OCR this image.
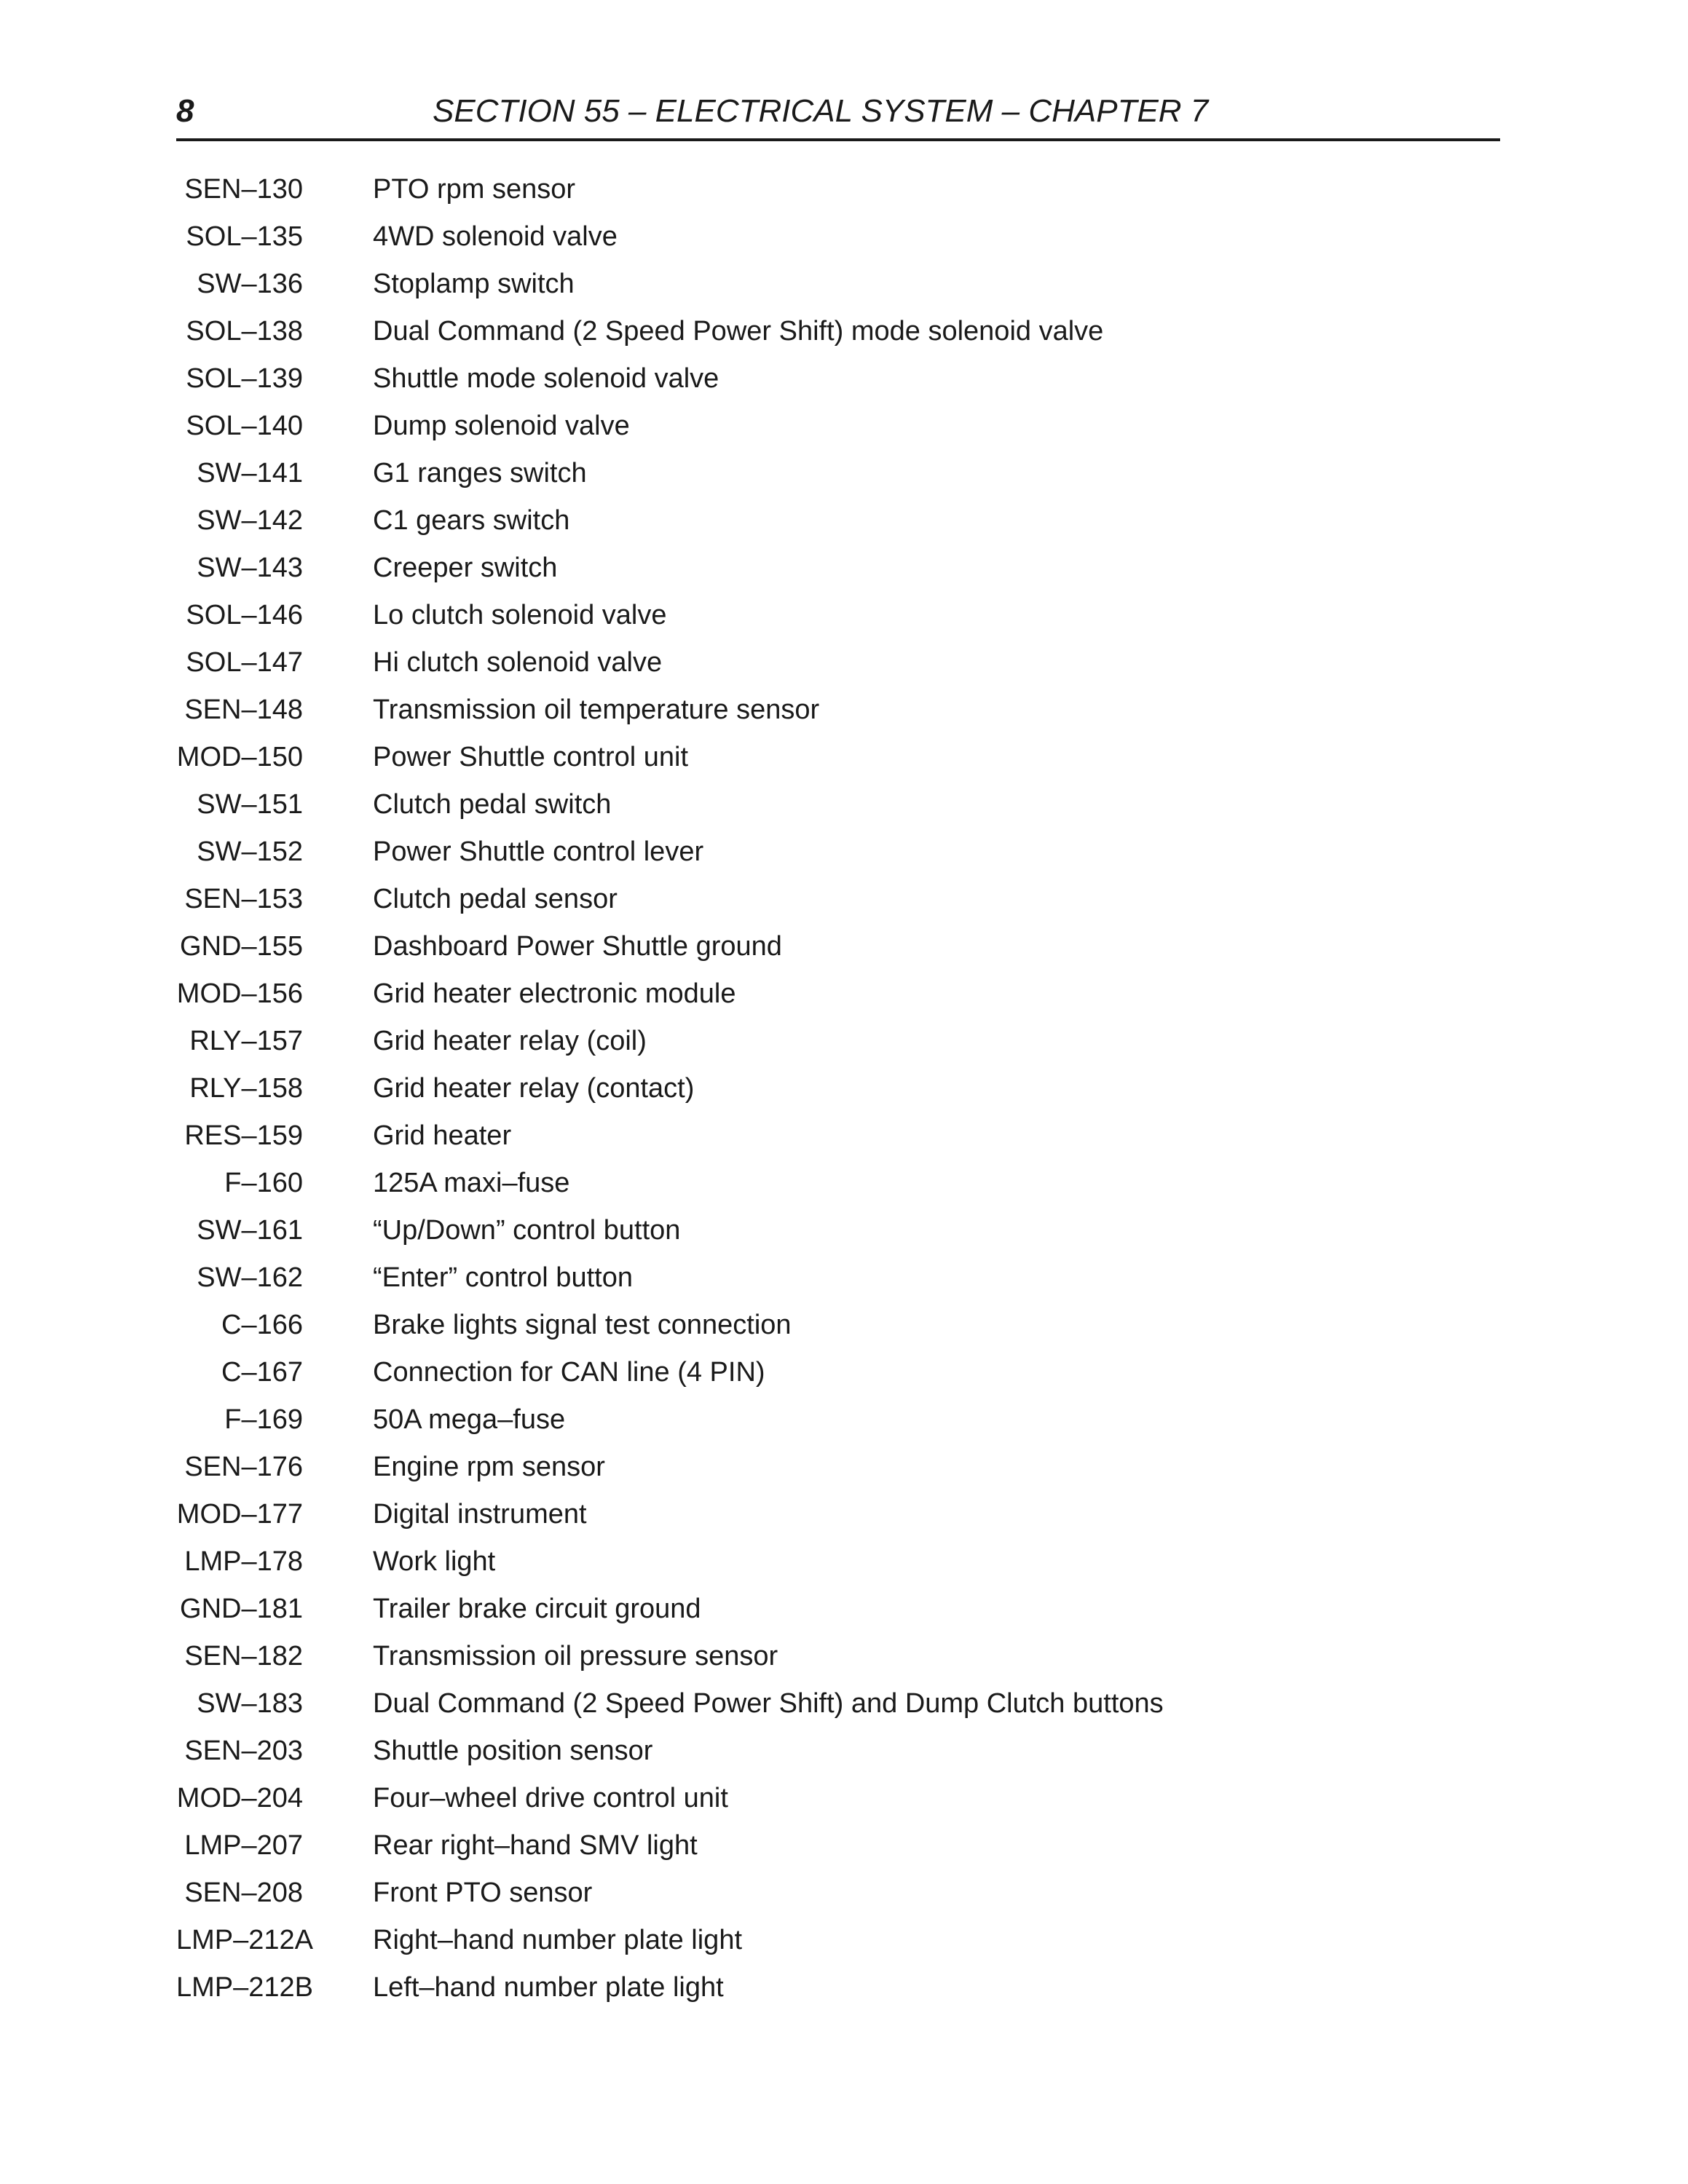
8	SECTION 55 – ELECTRICAL SYSTEM – CHAPTER 7
SEN–130	PTO rpm sensor
SOL–135	4WD solenoid valve
SW–136	Stoplamp switch
SOL–138	Dual Command (2 Speed Power Shift) mode solenoid valve
SOL–139	Shuttle mode solenoid valve
SOL–140	Dump solenoid valve
SW–141	G1 ranges switch
SW–142	C1 gears switch
SW–143	Creeper switch
SOL–146	Lo clutch solenoid valve
SOL–147	Hi clutch solenoid valve
SEN–148	Transmission oil temperature sensor
MOD–150	Power Shuttle control unit
SW–151	Clutch pedal switch
SW–152	Power Shuttle control lever
SEN–153	Clutch pedal sensor
GND–155	Dashboard Power Shuttle ground
MOD–156	Grid heater electronic module
RLY–157	Grid heater relay (coil)
RLY–158	Grid heater relay (contact)
RES–159	Grid heater
F–160	125A maxi–fuse
SW–161	“Up/Down” control button
SW–162	“Enter” control button
C–166	Brake lights signal test connection
C–167	Connection for CAN line (4 PIN)
F–169	50A mega–fuse
SEN–176	Engine rpm sensor
MOD–177	Digital instrument
LMP–178	Work light
GND–181	Trailer brake circuit ground
SEN–182	Transmission oil pressure sensor
SW–183	Dual Command (2 Speed Power Shift) and Dump Clutch buttons
SEN–203	Shuttle position sensor
MOD–204	Four–wheel drive control unit
LMP–207	Rear right–hand SMV light
SEN–208	Front PTO sensor
LMP–212A Right–hand number plate light
LMP–212B Left–hand number plate light
